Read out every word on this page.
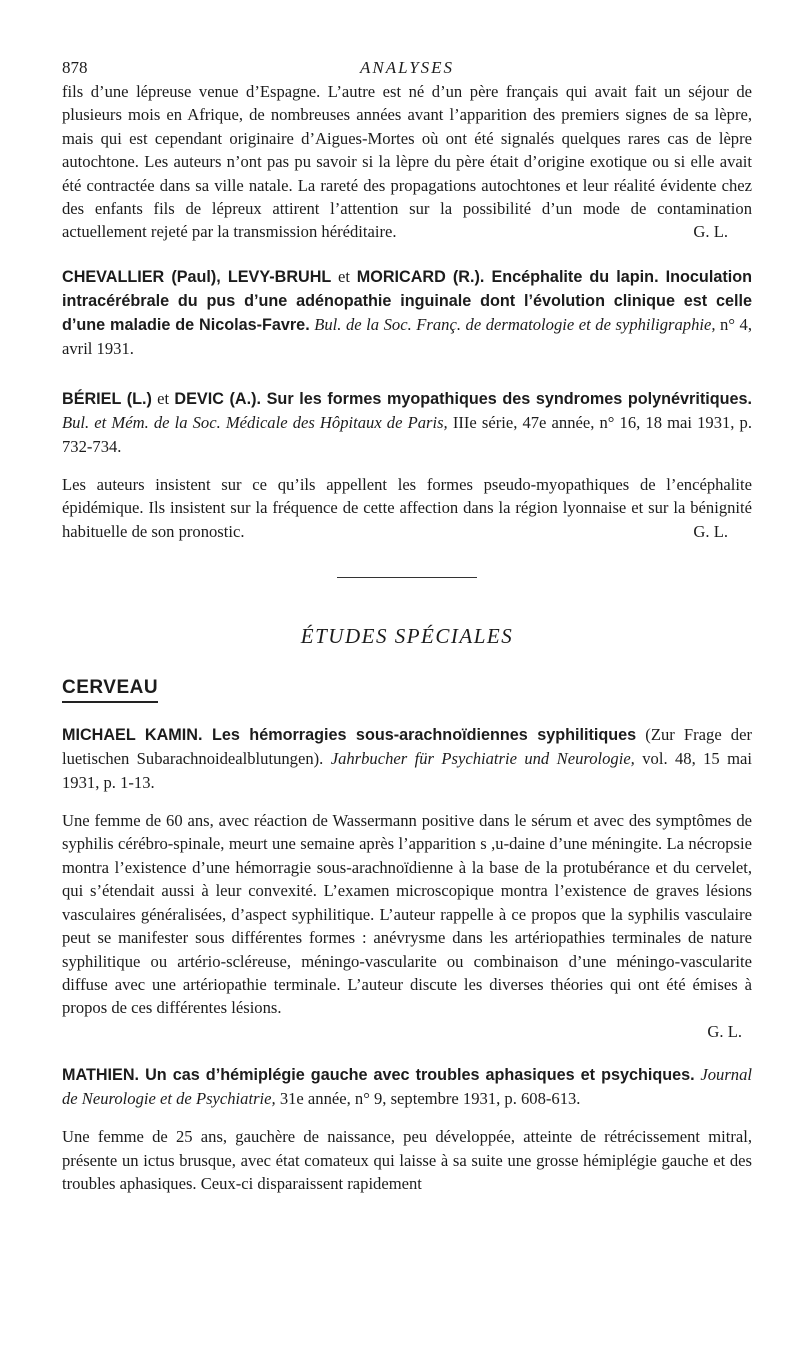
878	ANALYSES

fils d’une lépreuse venue d’Espagne. L’autre est né d’un père français qui avait fait un séjour de plusieurs mois en Afrique, de nombreuses années avant l’apparition des premiers signes de sa lèpre, mais qui est cependant originaire d’Aigues-Mortes où ont été signalés quelques rares cas de lèpre autochtone. Les auteurs n’ont pas pu savoir si la lèpre du père était d’origine exotique ou si elle avait été contractée dans sa ville natale. La rareté des propagations autochtones et leur réalité évidente chez des enfants fils de lépreux attirent l’attention sur la possibilité d’un mode de contamination actuellement rejeté par la transmission héréditaire.	G. L.

CHEVALLIER (Paul), LEVY-BRUHL et MORICARD (R.). Encéphalite du lapin. Inoculation intracérébrale du pus d’une adénopathie inguinale dont l’évolution clinique est celle d’une maladie de Nicolas-Favre. Bul. de la Soc. Franç. de dermatologie et de syphiligraphie, n° 4, avril 1931.

BÉRIEL (L.) et DEVIC (A.). Sur les formes myopathiques des syndromes polynévritiques. Bul. et Mém. de la Soc. Médicale des Hôpitaux de Paris, IIIe série, 47e année, n° 16, 18 mai 1931, p. 732-734.

Les auteurs insistent sur ce qu’ils appellent les formes pseudo-myopathiques de l’encéphalite épidémique. Ils insistent sur la fréquence de cette affection dans la région lyonnaise et sur la bénignité habituelle de son pronostic.	G. L.

ÉTUDES SPÉCIALES
CERVEAU

MICHAEL KAMIN. Les hémorragies sous-arachnoïdiennes syphilitiques (Zur Frage der luetischen Subarachnoidealblutungen). Jahrbucher für Psychiatrie und Neurologie, vol. 48, 15 mai 1931, p. 1-13.

Une femme de 60 ans, avec réaction de Wassermann positive dans le sérum et avec des symptômes de syphilis cérébro-spinale, meurt une semaine après l’apparition s ,u-daine d’une méningite. La nécropsie montra l’existence d’une hémorragie sous-arachnoïdienne à la base de la protubérance et du cervelet, qui s’étendait aussi à leur convexité. L’examen microscopique montra l’existence de graves lésions vasculaires généralisées, d’aspect syphilitique. L’auteur rappelle à ce propos que la syphilis vasculaire peut se manifester sous différentes formes : anévrysme dans les artériopathies terminales de nature syphilitique ou artério-scléreuse, méningo-vascularite ou combinaison d’une méningo-vascularite diffuse avec une artériopathie terminale. L’auteur discute les diverses théories qui ont été émises à propos de ces différentes lésions.

G. L.

MATHIEN. Un cas d’hémiplégie gauche avec troubles aphasiques et psychiques. Journal de Neurologie et de Psychiatrie, 31e année, n° 9, septembre 1931, p. 608-613.

Une femme de 25 ans, gauchère de naissance, peu développée, atteinte de rétrécissement mitral, présente un ictus brusque, avec état comateux qui laisse à sa suite une grosse hémiplégie gauche et des troubles aphasiques. Ceux-ci disparaissent rapidement
